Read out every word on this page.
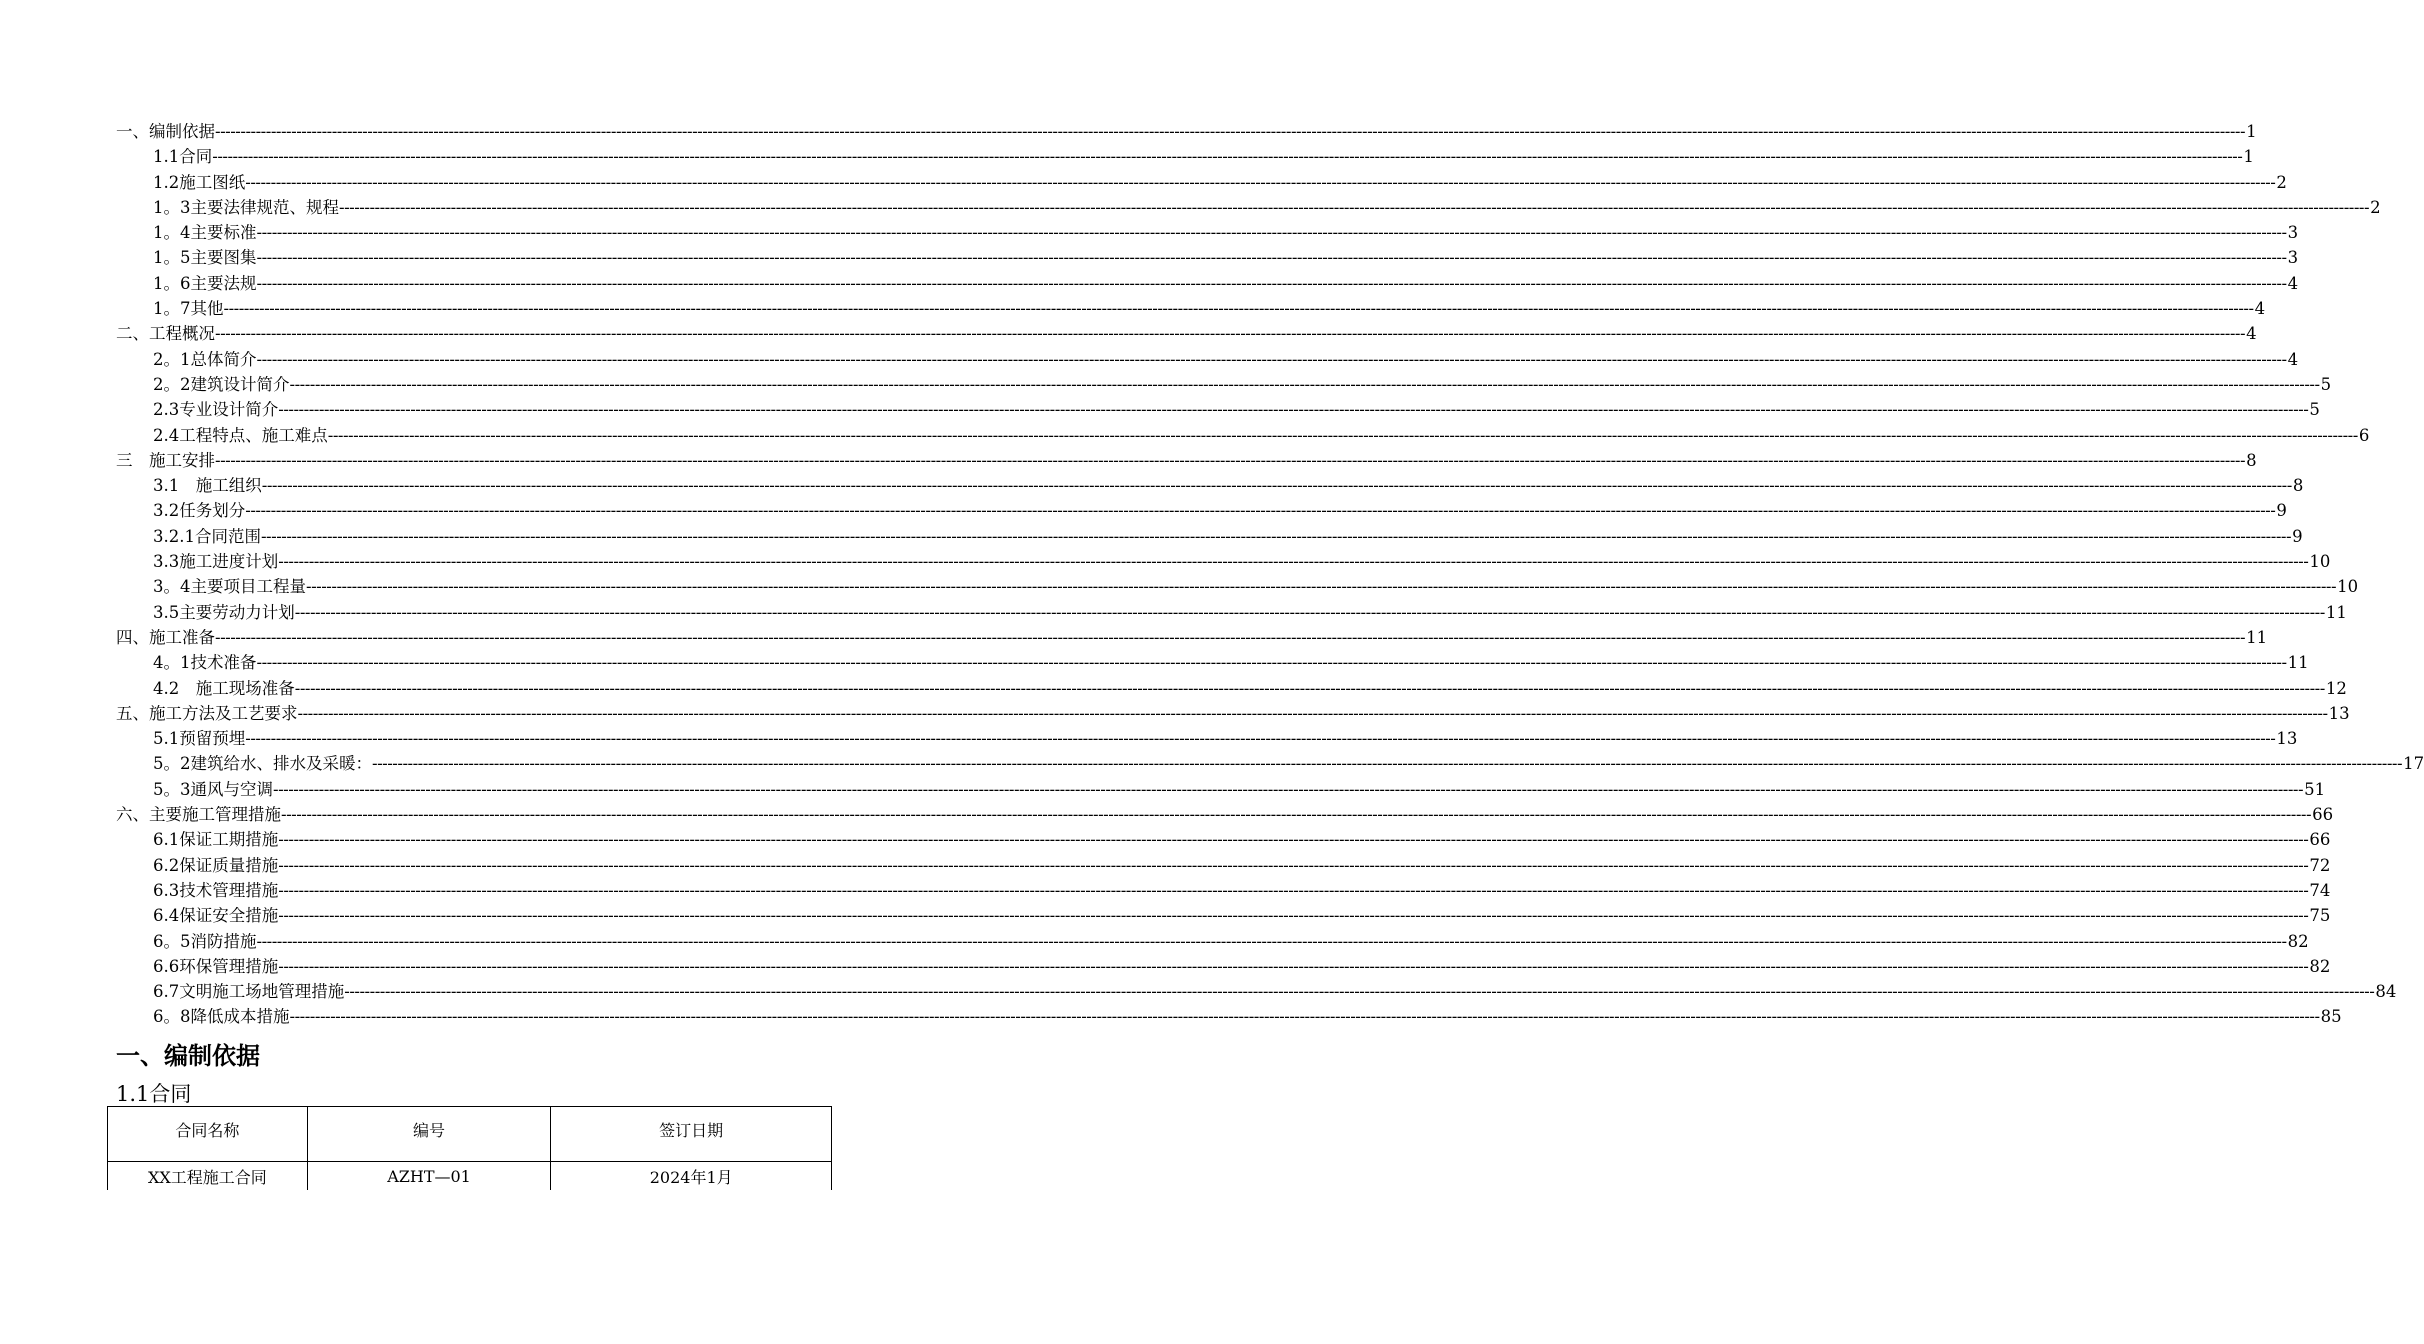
一、编制依据 ---------------------------------------------------------------------------------------------------------------------------------------------------------------------------------------------------------------------------------------------------------------------------------------------------------------------------------------------------------------------------------------------------------------- 1
1.1合同 ---------------------------------------------------------------------------------------------------------------------------------------------------------------------------------------------------------------------------------------------------------------------------------------------------------------------------------------------------------------------------------------------------------------- 1
1.2施工图纸 ---------------------------------------------------------------------------------------------------------------------------------------------------------------------------------------------------------------------------------------------------------------------------------------------------------------------------------------------------------------------------------------------------------------- 2
1。3主要法律规范、规程 ---------------------------------------------------------------------------------------------------------------------------------------------------------------------------------------------------------------------------------------------------------------------------------------------------------------------------------------------------------------------------------------------------------------- 2
1。4主要标准 ---------------------------------------------------------------------------------------------------------------------------------------------------------------------------------------------------------------------------------------------------------------------------------------------------------------------------------------------------------------------------------------------------------------- 3
1。5主要图集 ---------------------------------------------------------------------------------------------------------------------------------------------------------------------------------------------------------------------------------------------------------------------------------------------------------------------------------------------------------------------------------------------------------------- 3
1。6主要法规 ---------------------------------------------------------------------------------------------------------------------------------------------------------------------------------------------------------------------------------------------------------------------------------------------------------------------------------------------------------------------------------------------------------------- 4
1。7其他 ---------------------------------------------------------------------------------------------------------------------------------------------------------------------------------------------------------------------------------------------------------------------------------------------------------------------------------------------------------------------------------------------------------------- 4
二、工程概况 ---------------------------------------------------------------------------------------------------------------------------------------------------------------------------------------------------------------------------------------------------------------------------------------------------------------------------------------------------------------------------------------------------------------- 4
2。1总体简介 ---------------------------------------------------------------------------------------------------------------------------------------------------------------------------------------------------------------------------------------------------------------------------------------------------------------------------------------------------------------------------------------------------------------- 4
2。2建筑设计简介 ---------------------------------------------------------------------------------------------------------------------------------------------------------------------------------------------------------------------------------------------------------------------------------------------------------------------------------------------------------------------------------------------------------------- 5
2.3专业设计简介 ---------------------------------------------------------------------------------------------------------------------------------------------------------------------------------------------------------------------------------------------------------------------------------------------------------------------------------------------------------------------------------------------------------------- 5
2.4工程特点、施工难点 ---------------------------------------------------------------------------------------------------------------------------------------------------------------------------------------------------------------------------------------------------------------------------------------------------------------------------------------------------------------------------------------------------------------- 6
三　施工安排 ---------------------------------------------------------------------------------------------------------------------------------------------------------------------------------------------------------------------------------------------------------------------------------------------------------------------------------------------------------------------------------------------------------------- 8
3.1　施工组织 ---------------------------------------------------------------------------------------------------------------------------------------------------------------------------------------------------------------------------------------------------------------------------------------------------------------------------------------------------------------------------------------------------------------- 8
3.2任务划分 ---------------------------------------------------------------------------------------------------------------------------------------------------------------------------------------------------------------------------------------------------------------------------------------------------------------------------------------------------------------------------------------------------------------- 9
3.2.1合同范围 ---------------------------------------------------------------------------------------------------------------------------------------------------------------------------------------------------------------------------------------------------------------------------------------------------------------------------------------------------------------------------------------------------------------- 9
3.3施工进度计划 ---------------------------------------------------------------------------------------------------------------------------------------------------------------------------------------------------------------------------------------------------------------------------------------------------------------------------------------------------------------------------------------------------------------- 10
3。4主要项目工程量 ---------------------------------------------------------------------------------------------------------------------------------------------------------------------------------------------------------------------------------------------------------------------------------------------------------------------------------------------------------------------------------------------------------------- 10
3.5主要劳动力计划 ---------------------------------------------------------------------------------------------------------------------------------------------------------------------------------------------------------------------------------------------------------------------------------------------------------------------------------------------------------------------------------------------------------------- 11
四、施工准备 ---------------------------------------------------------------------------------------------------------------------------------------------------------------------------------------------------------------------------------------------------------------------------------------------------------------------------------------------------------------------------------------------------------------- 11
4。1技术准备 ---------------------------------------------------------------------------------------------------------------------------------------------------------------------------------------------------------------------------------------------------------------------------------------------------------------------------------------------------------------------------------------------------------------- 11
4.2　施工现场准备 ---------------------------------------------------------------------------------------------------------------------------------------------------------------------------------------------------------------------------------------------------------------------------------------------------------------------------------------------------------------------------------------------------------------- 12
五、施工方法及工艺要求 ---------------------------------------------------------------------------------------------------------------------------------------------------------------------------------------------------------------------------------------------------------------------------------------------------------------------------------------------------------------------------------------------------------------- 13
5.1预留预埋 ---------------------------------------------------------------------------------------------------------------------------------------------------------------------------------------------------------------------------------------------------------------------------------------------------------------------------------------------------------------------------------------------------------------- 13
5。2建筑给水、排水及采暖： ---------------------------------------------------------------------------------------------------------------------------------------------------------------------------------------------------------------------------------------------------------------------------------------------------------------------------------------------------------------------------------------------------------------- 17
5。3通风与空调 ---------------------------------------------------------------------------------------------------------------------------------------------------------------------------------------------------------------------------------------------------------------------------------------------------------------------------------------------------------------------------------------------------------------- 51
六、主要施工管理措施 ---------------------------------------------------------------------------------------------------------------------------------------------------------------------------------------------------------------------------------------------------------------------------------------------------------------------------------------------------------------------------------------------------------------- 66
6.1保证工期措施 ---------------------------------------------------------------------------------------------------------------------------------------------------------------------------------------------------------------------------------------------------------------------------------------------------------------------------------------------------------------------------------------------------------------- 66
6.2保证质量措施 ---------------------------------------------------------------------------------------------------------------------------------------------------------------------------------------------------------------------------------------------------------------------------------------------------------------------------------------------------------------------------------------------------------------- 72
6.3技术管理措施 ---------------------------------------------------------------------------------------------------------------------------------------------------------------------------------------------------------------------------------------------------------------------------------------------------------------------------------------------------------------------------------------------------------------- 74
6.4保证安全措施 ---------------------------------------------------------------------------------------------------------------------------------------------------------------------------------------------------------------------------------------------------------------------------------------------------------------------------------------------------------------------------------------------------------------- 75
6。5消防措施 ---------------------------------------------------------------------------------------------------------------------------------------------------------------------------------------------------------------------------------------------------------------------------------------------------------------------------------------------------------------------------------------------------------------- 82
6.6环保管理措施 ---------------------------------------------------------------------------------------------------------------------------------------------------------------------------------------------------------------------------------------------------------------------------------------------------------------------------------------------------------------------------------------------------------------- 82
6.7文明施工场地管理措施 ---------------------------------------------------------------------------------------------------------------------------------------------------------------------------------------------------------------------------------------------------------------------------------------------------------------------------------------------------------------------------------------------------------------- 84
6。8降低成本措施 ---------------------------------------------------------------------------------------------------------------------------------------------------------------------------------------------------------------------------------------------------------------------------------------------------------------------------------------------------------------------------------------------------------------- 85
一、编制依据
1.1合同
合同名称	编号	签订日期
XX工程施工合同	AZHT—01	2024年1月
